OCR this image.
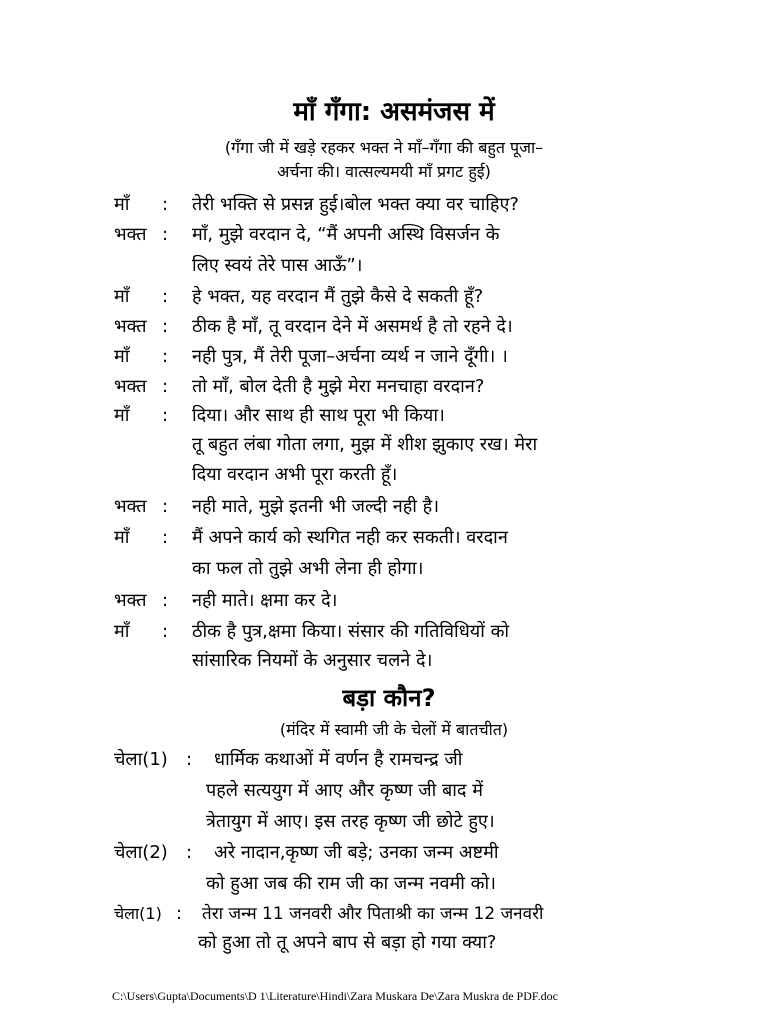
माँ गँगा: असमंजस में
(गँगा जी में खड़े रहकर भक्त ने माँ–गँगा की बहुत पूजा–
अर्चना की। वात्सल्यमयी माँ प्रगट हुई)
माँ : तेरी भक्ति से प्रसन्न हुई।बोल भक्त क्या वर चाहिए?
भक्त : माँ, मुझे वरदान दे, “मैं अपनी अस्थि विसर्जन के
लिए स्वयं तेरे पास आऊँ”।
माँ : हे भक्त, यह वरदान मैं तुझे कैसे दे सकती हूँ?
भक्त : ठीक है माँ, तू वरदान देने में असमर्थ है तो रहने दे।
माँ : नही पुत्र, मैं तेरी पूजा–अर्चना व्यर्थ न जाने दूँगी। ।
भक्त : तो माँ, बोल देती है मुझे मेरा मनचाहा वरदान?
माँ : दिया। और साथ ही साथ पूरा भी किया।
तू बहुत लंबा गोता लगा, मुझ में शीश झुकाए रख। मेरा
दिया वरदान अभी पूरा करती हूँ।
भक्त : नही माते, मुझे इतनी भी जल्दी नही है।
माँ : मैं अपने कार्य को स्थगित नही कर सकती। वरदान
का फल तो तुझे अभी लेना ही होगा।
भक्त : नही माते। क्षमा कर दे।
माँ : ठीक है पुत्र,क्षमा किया। संसार की गतिविधियों को
सांसारिक नियमों के अनुसार चलने दे।
बड़ा कौन?
(मंदिर में स्वामी जी के चेलों में बातचीत)
चेला(1) : धार्मिक कथाओं में वर्णन है रामचन्द्र जी
पहले सत्ययुग में आए और कृष्ण जी बाद में
त्रेतायुग में आए। इस तरह कृष्ण जी छोटे हुए।
चेला(2) : अरे नादान,कृष्ण जी बड़े; उनका जन्म अष्टमी
को हुआ जब की राम जी का जन्म नवमी को।
चेला(1) : तेरा जन्म 11 जनवरी और पिताश्री का जन्म 12 जनवरी
को हुआ तो तू अपने बाप से बड़ा हो गया क्या?
C:\Users\Gupta\Documents\D 1\Literature\Hindi\Zara Muskara De\Zara Muskra de PDF.doc
